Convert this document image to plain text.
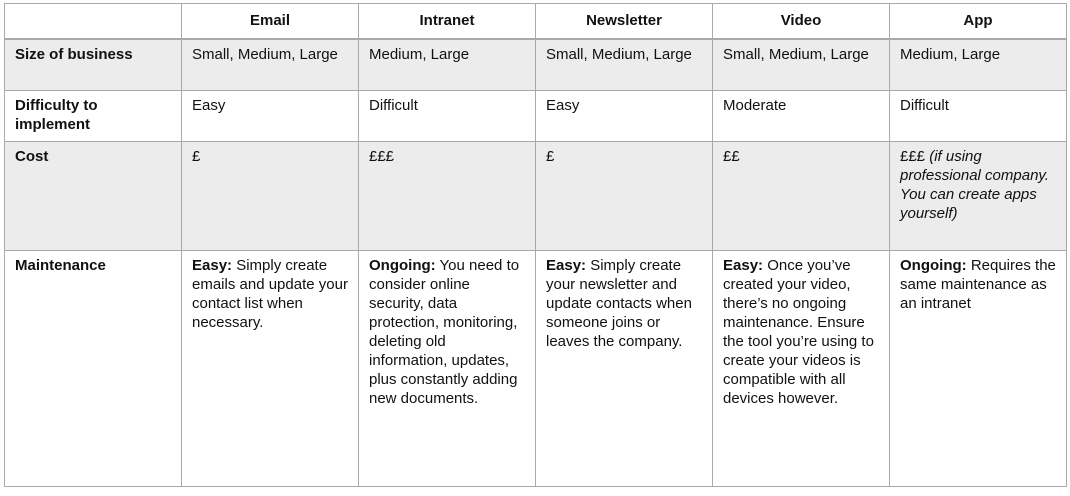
	Email	Intranet	Newsletter	Video	App
Size of business	Small, Medium, Large	Medium, Large	Small, Medium, Large	Small, Medium, Large	Medium, Large
Difficulty to implement	Easy	Difficult	Easy	Moderate	Difficult
Cost	£	£££	£	££	£££ (if using professional company. You can create apps yourself)
Maintenance	Easy: Simply create emails and update your contact list when necessary.	Ongoing: You need to consider online security, data protection, monitoring, deleting old information, updates, plus constantly adding new documents.	Easy: Simply create your newsletter and update contacts when someone joins or leaves the company.	Easy: Once you’ve created your video, there’s no ongoing maintenance. Ensure the tool you’re using to create your videos is compatible with all devices however.	Ongoing: Requires the same maintenance as an intranet
